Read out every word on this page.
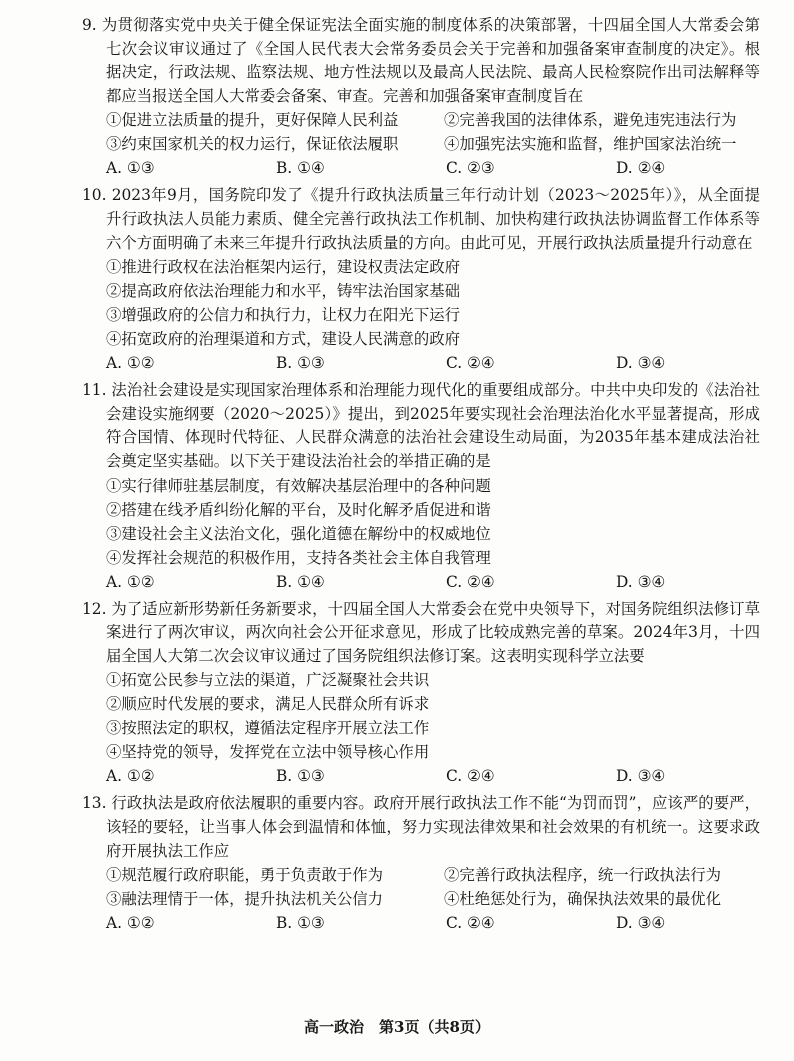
9. 为贯彻落实党中央关于健全保证宪法全面实施的制度体系的决策部署，十四届全国人大常委会第七次会议审议通过了《全国人民代表大会常务委员会关于完善和加强备案审查制度的决定》。根据决定，行政法规、监察法规、地方性法规以及最高人民法院、最高人民检察院作出司法解释等都应当报送全国人大常委会备案、审查。完善和加强备案审查制度旨在
①促进立法质量的提升，更好保障人民利益	②完善我国的法律体系，避免违宪违法行为
③约束国家机关的权力运行，保证依法履职	④加强宪法实施和监督，维护国家法治统一
A. ①③	B. ①④	C. ②③	D. ②④
10. 2023年9月，国务院印发了《提升行政执法质量三年行动计划（2023～2025年）》，从全面提升行政执法人员能力素质、健全完善行政执法工作机制、加快构建行政执法协调监督工作体系等六个方面明确了未来三年提升行政执法质量的方向。由此可见，开展行政执法质量提升行动意在
①推进行政权在法治框架内运行，建设权责法定政府
②提高政府依法治理能力和水平，铸牢法治国家基础
③增强政府的公信力和执行力，让权力在阳光下运行
④拓宽政府的治理渠道和方式，建设人民满意的政府
A. ①②	B. ①③	C. ②④	D. ③④
11. 法治社会建设是实现国家治理体系和治理能力现代化的重要组成部分。中共中央印发的《法治社会建设实施纲要（2020～2025）》提出，到2025年要实现社会治理法治化水平显著提高，形成符合国情、体现时代特征、人民群众满意的法治社会建设生动局面，为2035年基本建成法治社会奠定坚实基础。以下关于建设法治社会的举措正确的是
①实行律师驻基层制度，有效解决基层治理中的各种问题
②搭建在线矛盾纠纷化解的平台，及时化解矛盾促进和谐
③建设社会主义法治文化，强化道德在解纷中的权威地位
④发挥社会规范的积极作用，支持各类社会主体自我管理
A. ①②	B. ①④	C. ②④	D. ③④
12. 为了适应新形势新任务新要求，十四届全国人大常委会在党中央领导下，对国务院组织法修订草案进行了两次审议，两次向社会公开征求意见，形成了比较成熟完善的草案。2024年3月，十四届全国人大第二次会议审议通过了国务院组织法修订案。这表明实现科学立法要
①拓宽公民参与立法的渠道，广泛凝聚社会共识
②顺应时代发展的要求，满足人民群众所有诉求
③按照法定的职权，遵循法定程序开展立法工作
④坚持党的领导，发挥党在立法中领导核心作用
A. ①②	B. ①③	C. ②④	D. ③④
13. 行政执法是政府依法履职的重要内容。政府开展行政执法工作不能“为罚而罚”，应该严的要严，该轻的要轻，让当事人体会到温情和体恤，努力实现法律效果和社会效果的有机统一。这要求政府开展执法工作应
①规范履行政府职能，勇于负责敢于作为	②完善行政执法程序，统一行政执法行为
③融法理情于一体，提升执法机关公信力	④杜绝惩处行为，确保执法效果的最优化
A. ①②	B. ①③	C. ②④	D. ③④
高一政治　第3页（共8页）
